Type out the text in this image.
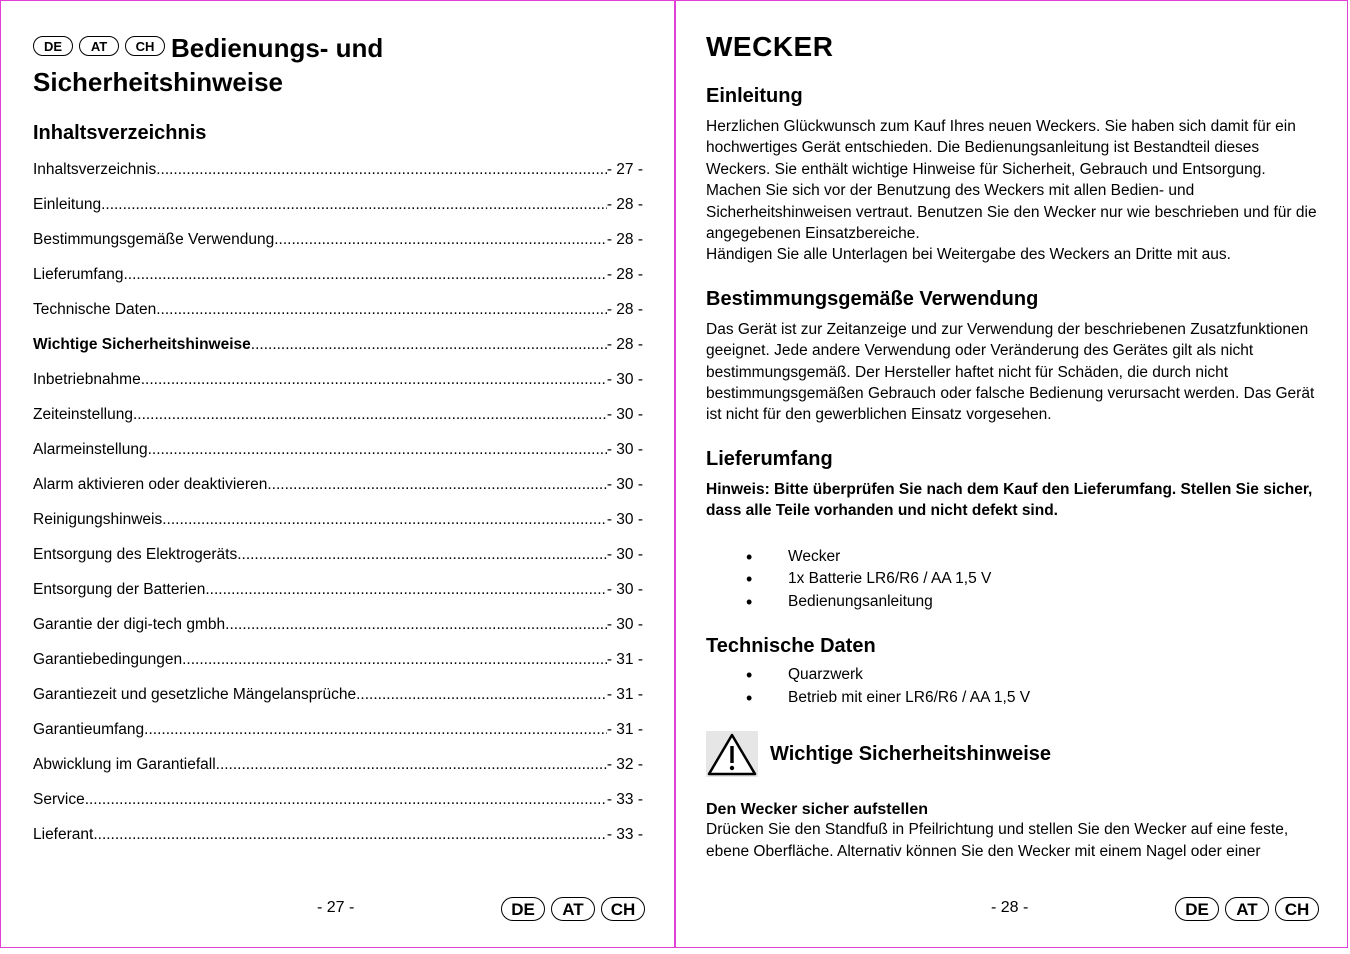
DE	AT	CH Bedienungs- und Sicherheitshinweise
Inhaltsverzeichnis
Inhaltsverzeichnis .....	- 27 -
Einleitung .....	- 28 -
Bestimmungsgemäße Verwendung .....	- 28 -
Lieferumfang .....	- 28 -
Technische Daten .....	- 28 -
Wichtige Sicherheitshinweise .....	- 28 -
Inbetriebnahme .....	- 30 -
Zeiteinstellung .....	- 30 -
Alarmeinstellung .....	- 30 -
Alarm aktivieren oder deaktivieren .....	- 30 -
Reinigungshinweis .....	- 30 -
Entsorgung des Elektrogeräts .....	- 30 -
Entsorgung der Batterien .....	- 30 -
Garantie der digi-tech gmbh .....	- 30 -
Garantiebedingungen .....	- 31 -
Garantiezeit und gesetzliche Mängelansprüche .....	- 31 -
Garantieumfang .....	- 31 -
Abwicklung im Garantiefall .....	- 32 -
Service .....	- 33 -
Lieferant .....	- 33 -
- 27 -	DE	AT	CH
WECKER
Einleitung

Herzlichen Glückwunsch zum Kauf Ihres neuen Weckers. Sie haben sich damit für ein hochwertiges Gerät entschieden. Die Bedienungsanleitung ist Bestandteil dieses Weckers. Sie enthält wichtige Hinweise für Sicherheit, Gebrauch und Entsorgung. Machen Sie sich vor der Benutzung des Weckers mit allen Bedien- und Sicherheitshinweisen vertraut. Benutzen Sie den Wecker nur wie beschrieben und für die angegebenen Einsatzbereiche.

Händigen Sie alle Unterlagen bei Weitergabe des Weckers an Dritte mit aus.

Bestimmungsgemäße Verwendung

Das Gerät ist zur Zeitanzeige und zur Verwendung der beschriebenen Zusatzfunktionen geeignet. Jede andere Verwendung oder Veränderung des Gerätes gilt als nicht bestimmungsgemäß. Der Hersteller haftet nicht für Schäden, die durch nicht bestimmungsgemäßen Gebrauch oder falsche Bedienung verursacht werden. Das Gerät ist nicht für den gewerblichen Einsatz vorgesehen.

Lieferumfang

Hinweis: Bitte überprüfen Sie nach dem Kauf den Lieferumfang. Stellen Sie sicher, dass alle Teile vorhanden und nicht defekt sind.

• Wecker
• 1x Batterie LR6/R6 / AA 1,5 V
• Bedienungsanleitung
Technische Daten
• Quarzwerk
• Betrieb mit einer LR6/R6 / AA 1,5 V
Wichtige Sicherheitshinweise
Den Wecker sicher aufstellen

Drücken Sie den Standfuß in Pfeilrichtung und stellen Sie den Wecker auf eine feste, ebene Oberfläche. Alternativ können Sie den Wecker mit einem Nagel oder einer

- 28 -	DE	AT	CH
